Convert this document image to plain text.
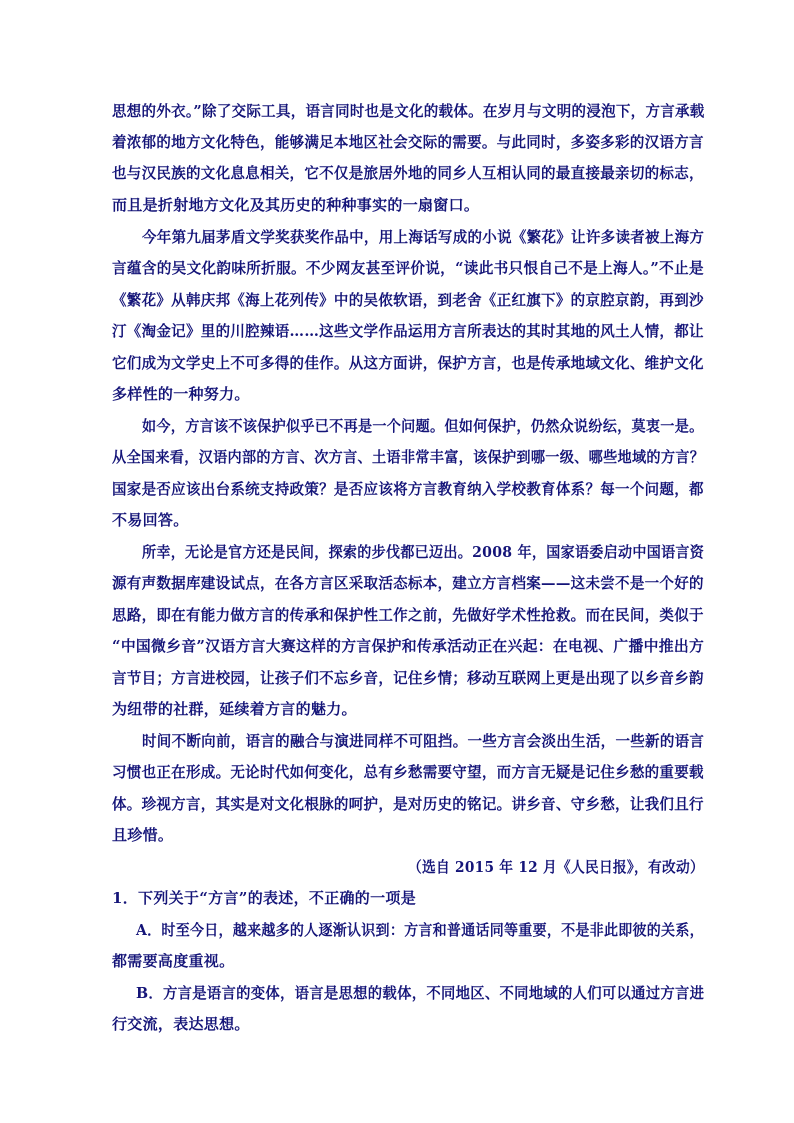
思想的外衣。”除了交际工具，语言同时也是文化的载体。在岁月与文明的浸泡下，方言承载

着浓郁的地方文化特色，能够满足本地区社会交际的需要。与此同时，多姿多彩的汉语方言

也与汉民族的文化息息相关，它不仅是旅居外地的同乡人互相认同的最直接最亲切的标志，

而且是折射地方文化及其历史的种种事实的一扇窗口。

今年第九届茅盾文学奖获奖作品中，用上海话写成的小说《繁花》让许多读者被上海方

言蕴含的吴文化韵味所折服。不少网友甚至评价说，“读此书只恨自己不是上海人。”不止是

《繁花》从韩庆邦《海上花列传》中的吴侬软语，到老舍《正红旗下》的京腔京韵，再到沙

汀《淘金记》里的川腔辣语……这些文学作品运用方言所表达的其时其地的风土人情，都让

它们成为文学史上不可多得的佳作。从这方面讲，保护方言，也是传承地域文化、维护文化

多样性的一种努力。

如今，方言该不该保护似乎已不再是一个问题。但如何保护，仍然众说纷纭，莫衷一是。

从全国来看，汉语内部的方言、次方言、土语非常丰富，该保护到哪一级、哪些地域的方言？

国家是否应该出台系统支持政策？是否应该将方言教育纳入学校教育体系？每一个问题，都

不易回答。

所幸，无论是官方还是民间，探索的步伐都已迈出。2008 年，国家语委启动中国语言资

源有声数据库建设试点，在各方言区采取活态标本，建立方言档案——这未尝不是一个好的

思路，即在有能力做方言的传承和保护性工作之前，先做好学术性抢救。而在民间，类似于

“中国微乡音”汉语方言大赛这样的方言保护和传承活动正在兴起：在电视、广播中推出方

言节目；方言进校园，让孩子们不忘乡音，记住乡情；移动互联网上更是出现了以乡音乡韵

为纽带的社群，延续着方言的魅力。

时间不断向前，语言的融合与演进同样不可阻挡。一些方言会淡出生活，一些新的语言

习惯也正在形成。无论时代如何变化，总有乡愁需要守望，而方言无疑是记住乡愁的重要载

体。珍视方言，其实是对文化根脉的呵护，是对历史的铭记。讲乡音、守乡愁，让我们且行

且珍惜。

（选自 2015 年 12 月《人民日报》，有改动）

1．下列关于“方言”的表述，不正确的一项是

A．时至今日，越来越多的人逐渐认识到：方言和普通话同等重要，不是非此即彼的关系，

都需要高度重视。

B．方言是语言的变体，语言是思想的载体，不同地区、不同地域的人们可以通过方言进

行交流，表达思想。
